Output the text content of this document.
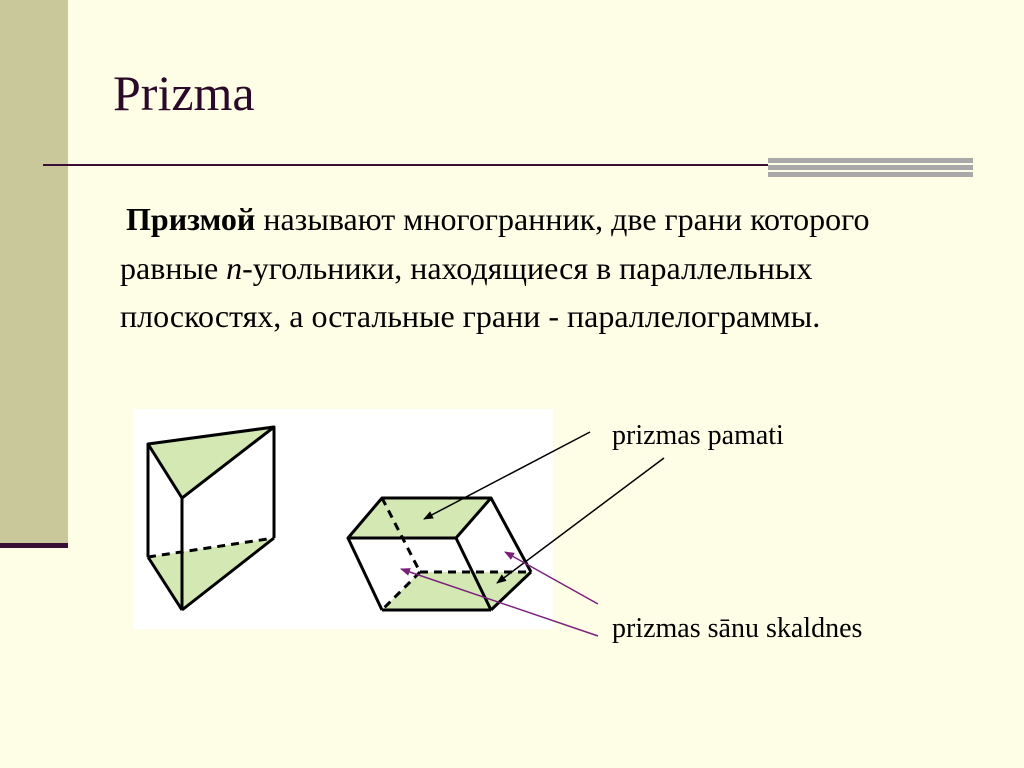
Prizma
Призмой называют многогранник, две грани которого равные n-угольники, находящиеся в параллельных плоскостях, а остальные грани - параллелограммы.
prizmas pamati
prizmas sānu skaldnes
